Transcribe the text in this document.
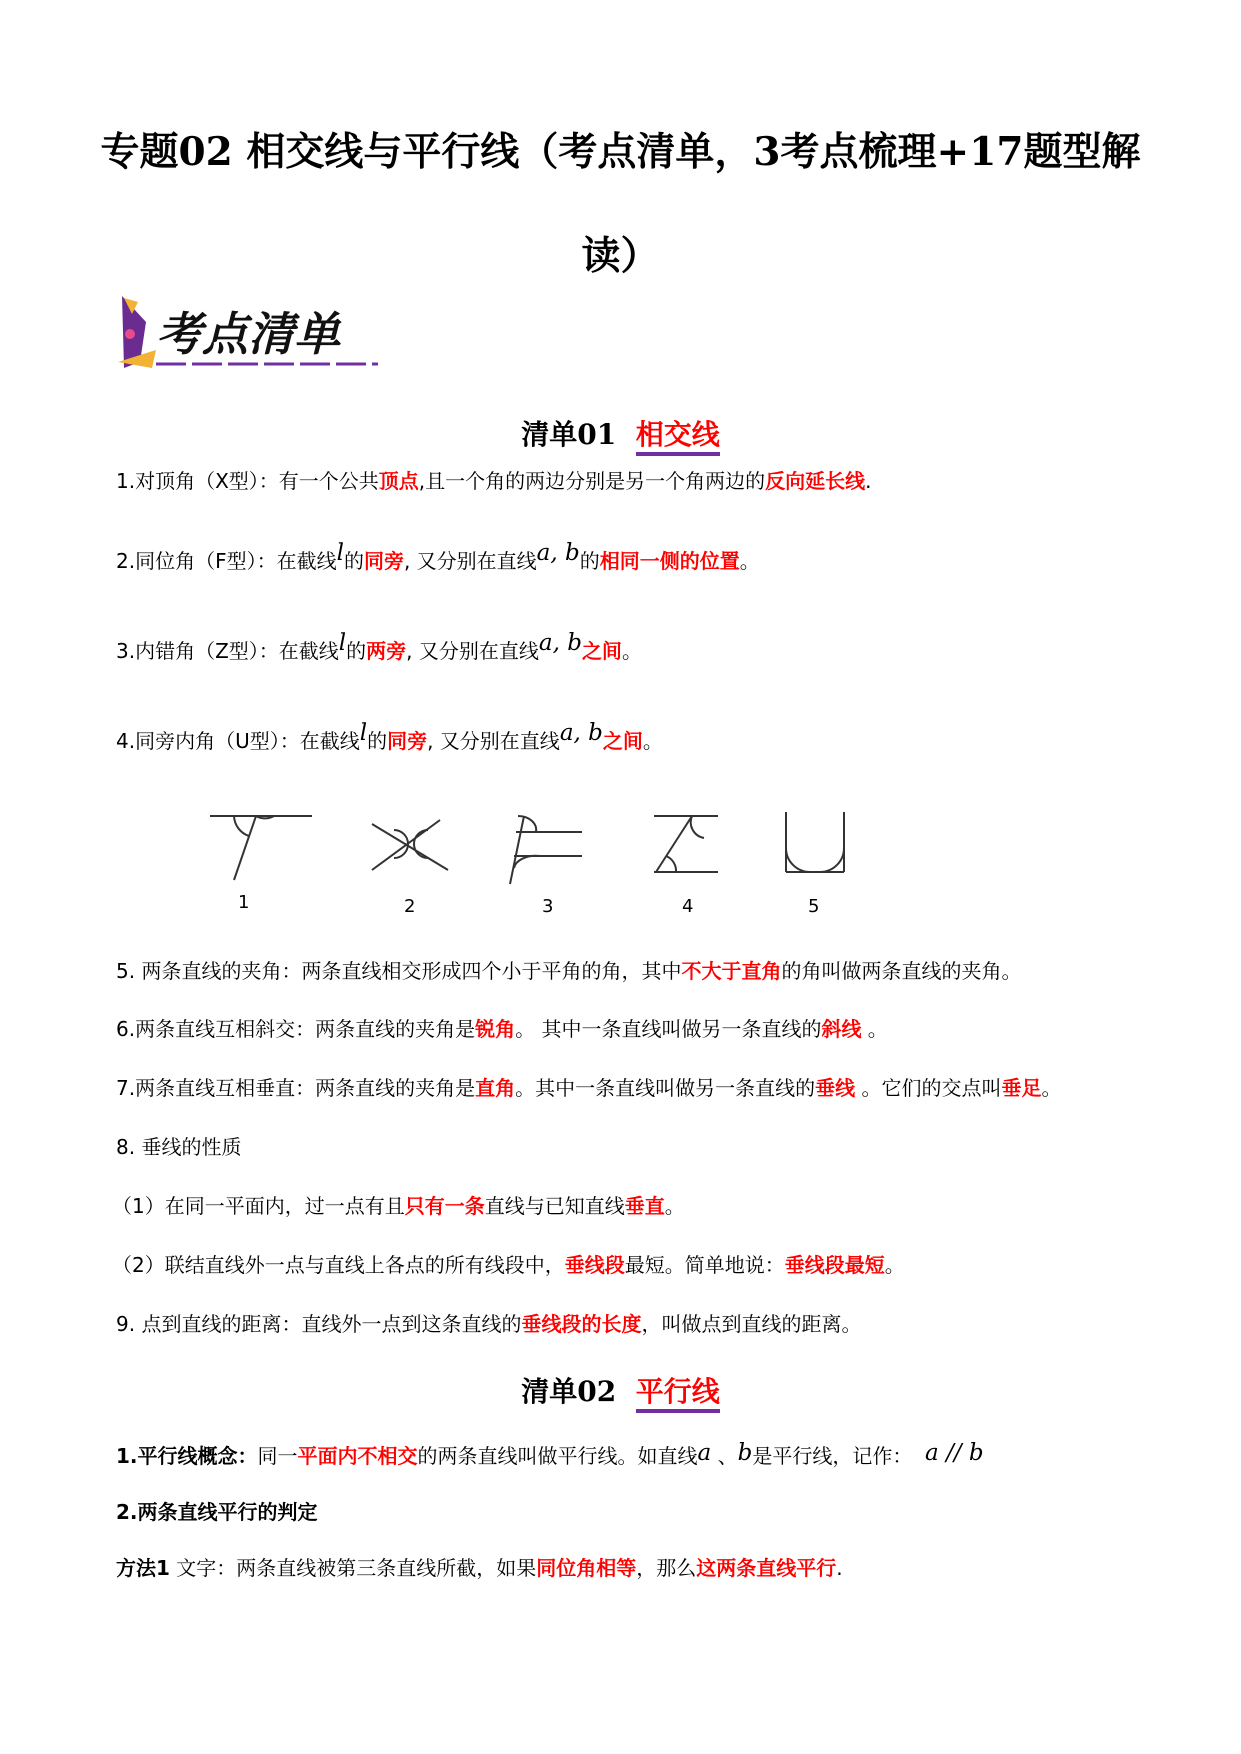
专题02 相交线与平行线（考点清单，3考点梳理+17题型解
读）
考点清单
清单01 相交线
1.对顶角（X型）：有一个公共顶点,且一个角的两边分别是另一个角两边的反向延长线.
2.同位角（F型）：在截线l的同旁, 又分别在直线a, b的相同一侧的位置。
3.内错角（Z型）：在截线l的两旁, 又分别在直线a, b之间。
4.同旁内角（U型）：在截线l的同旁, 又分别在直线a, b之间。
1	2	3	4	5
5. 两条直线的夹角：两条直线相交形成四个小于平角的角，其中不大于直角的角叫做两条直线的夹角。
6.两条直线互相斜交：两条直线的夹角是锐角。 其中一条直线叫做另一条直线的斜线 。
7.两条直线互相垂直：两条直线的夹角是直角。其中一条直线叫做另一条直线的垂线 。它们的交点叫垂足。
8. 垂线的性质
（1）在同一平面内，过一点有且只有一条直线与已知直线垂直。
（2）联结直线外一点与直线上各点的所有线段中，垂线段最短。简单地说：垂线段最短。
9. 点到直线的距离：直线外一点到这条直线的垂线段的长度，叫做点到直线的距离。
清单02 平行线
1.平行线概念：同一平面内不相交的两条直线叫做平行线。如直线a 、b是平行线，记作： a // b
2.两条直线平行的判定
方法1 文字：两条直线被第三条直线所截，如果同位角相等，那么这两条直线平行.
